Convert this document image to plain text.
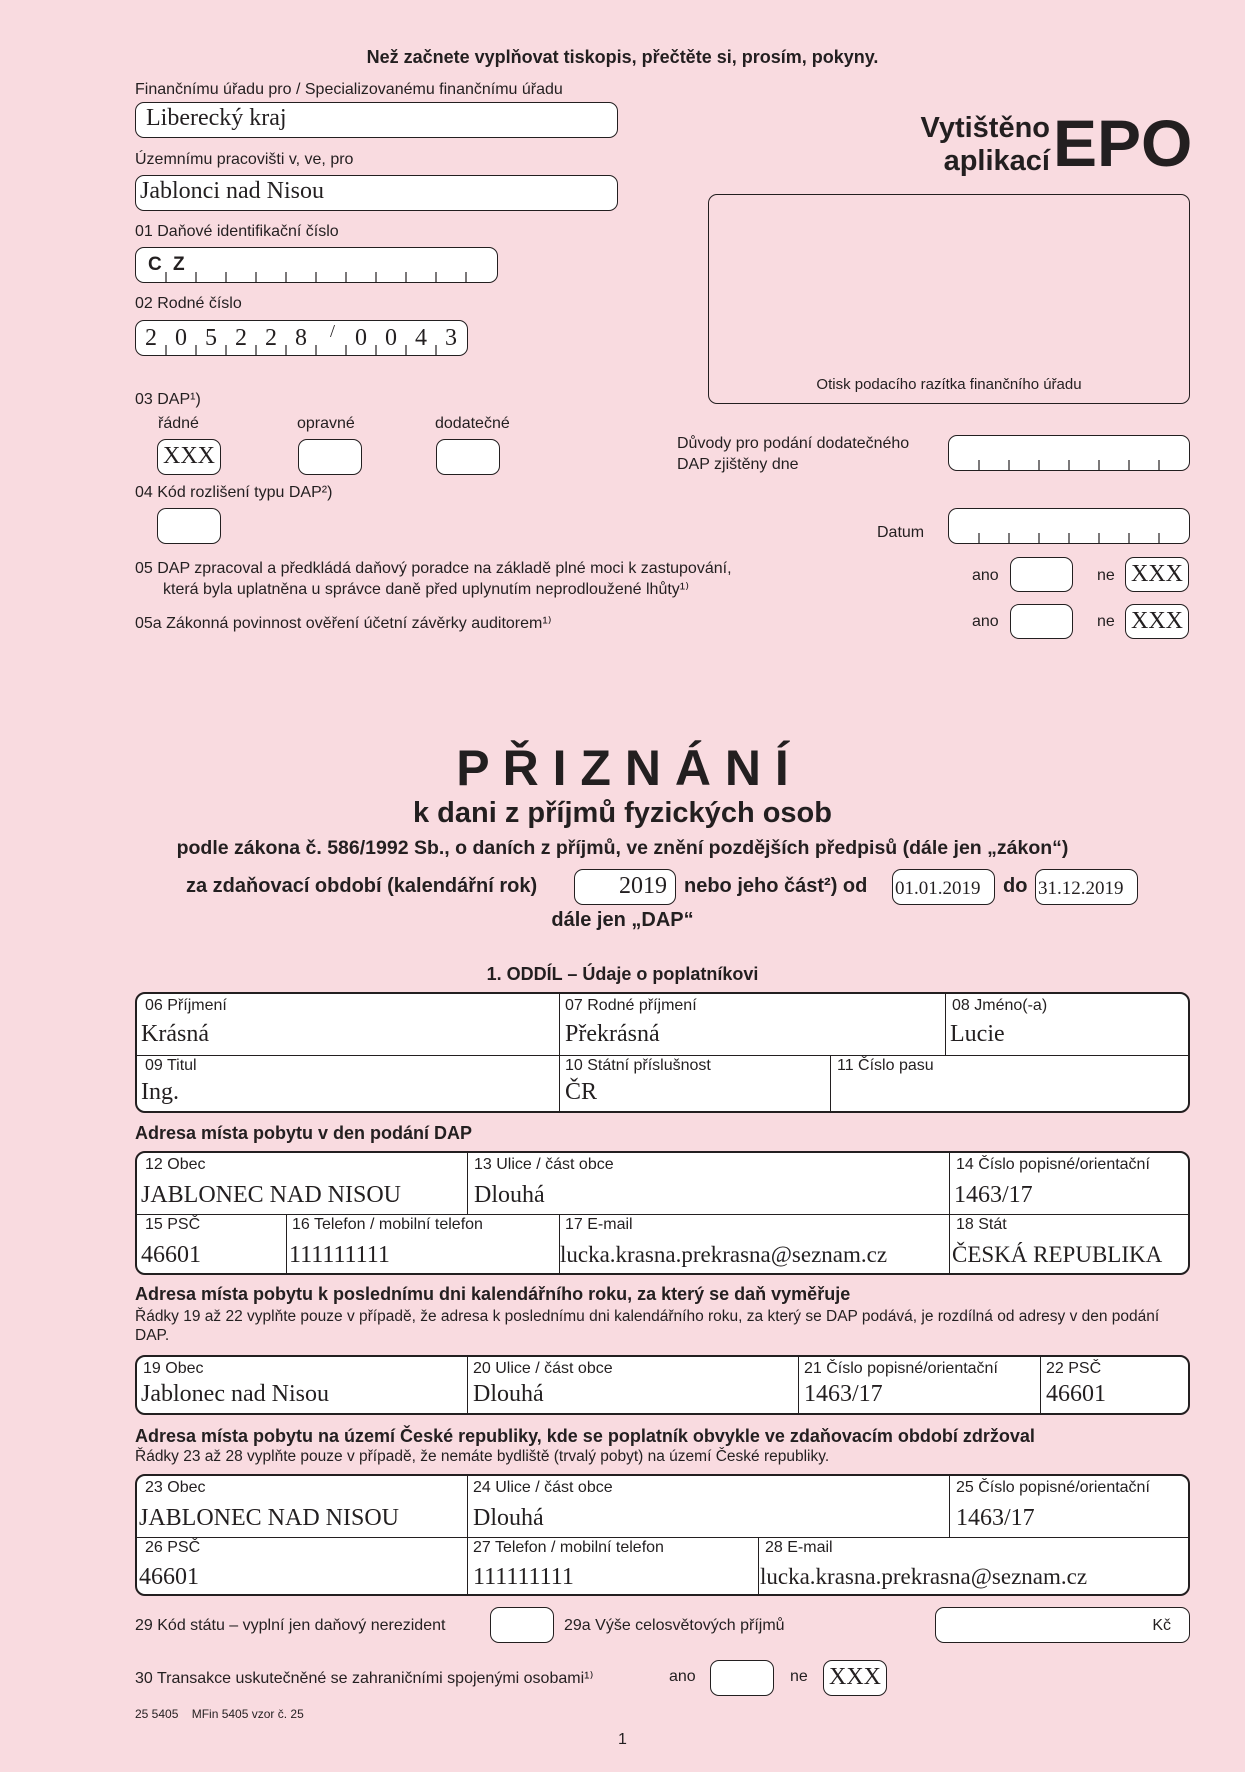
Než začnete vyplňovat tiskopis, přečtěte si, prosím, pokyny.
Vytištěno
aplikací EPO
Finančnímu úřadu pro / Specializovanému finančnímu úřadu
Liberecký kraj
Územnímu pracovišti v, ve, pro
Jablonci nad Nisou
Otisk podacího razítka finančního úřadu
01 Daňové identifikační číslo
C Z
02 Rodné číslo
2 0 5 2 2 8 / 0 0 4 3
03 DAP¹)
řádné	opravné	dodatečné
XXX	Důvody pro podání dodatečného
DAP zjištěny dne
04 Kód rozlišení typu DAP²)
Datum
05 DAP zpracoval a předkládá daňový poradce na základě plné moci k zastupování,
která byla uplatněna u správce daně před uplynutím neprodloužené lhůty¹⁾
ano	ne XXX
05a Zákonná povinnost ověření účetní závěrky auditorem¹⁾	ano	ne XXX
P Ř I Z N Á N Í
k dani z příjmů fyzických osob
podle zákona č. 586/1992 Sb., o daních z příjmů, ve znění pozdějších předpisů (dále jen „zákon“)
za zdaňovací období (kalendářní rok)	2019 nebo jeho část²) od 01.01.2019 do 31.12.2019
dále jen „DAP“
1. ODDÍL – Údaje o poplatníkovi
06 Příjmení
Krásná
07 Rodné příjmení
Překrásná
08 Jméno(-a)
Lucie
09 Titul
Ing.
10 Státní příslušnost
ČR
11 Číslo pasu
Adresa místa pobytu v den podání DAP
12 Obec
JABLONEC NAD NISOU
13 Ulice / část obce
Dlouhá
14 Číslo popisné/orientační
1463/17
15 PSČ
46601
16 Telefon / mobilní telefon
111111111
17 E-mail
lucka.krasna.prekrasna@seznam.cz
18 Stát
ČESKÁ REPUBLIKA
Adresa místa pobytu k poslednímu dni kalendářního roku, za který se daň vyměřuje
Řádky 19 až 22 vyplňte pouze v případě, že adresa k poslednímu dni kalendářního roku, za který se DAP podává, je rozdílná od adresy v den podání DAP.
19 Obec
Jablonec nad Nisou
20 Ulice / část obce
Dlouhá
21 Číslo popisné/orientační
1463/17
22 PSČ
46601
Adresa místa pobytu na území České republiky, kde se poplatník obvykle ve zdaňovacím období zdržoval
Řádky 23 až 28 vyplňte pouze v případě, že nemáte bydliště (trvalý pobyt) na území České republiky.
23 Obec
JABLONEC NAD NISOU
24 Ulice / část obce
Dlouhá
25 Číslo popisné/orientační
1463/17
26 PSČ
46601
27 Telefon / mobilní telefon
111111111
28 E-mail
lucka.krasna.prekrasna@seznam.cz
29 Kód státu – vyplní jen daňový nerezident	29a Výše celosvětových příjmů	Kč
30 Transakce uskutečněné se zahraničními spojenými osobami¹⁾	ano	ne XXX
25 5405    MFin 5405 vzor č. 25
1
